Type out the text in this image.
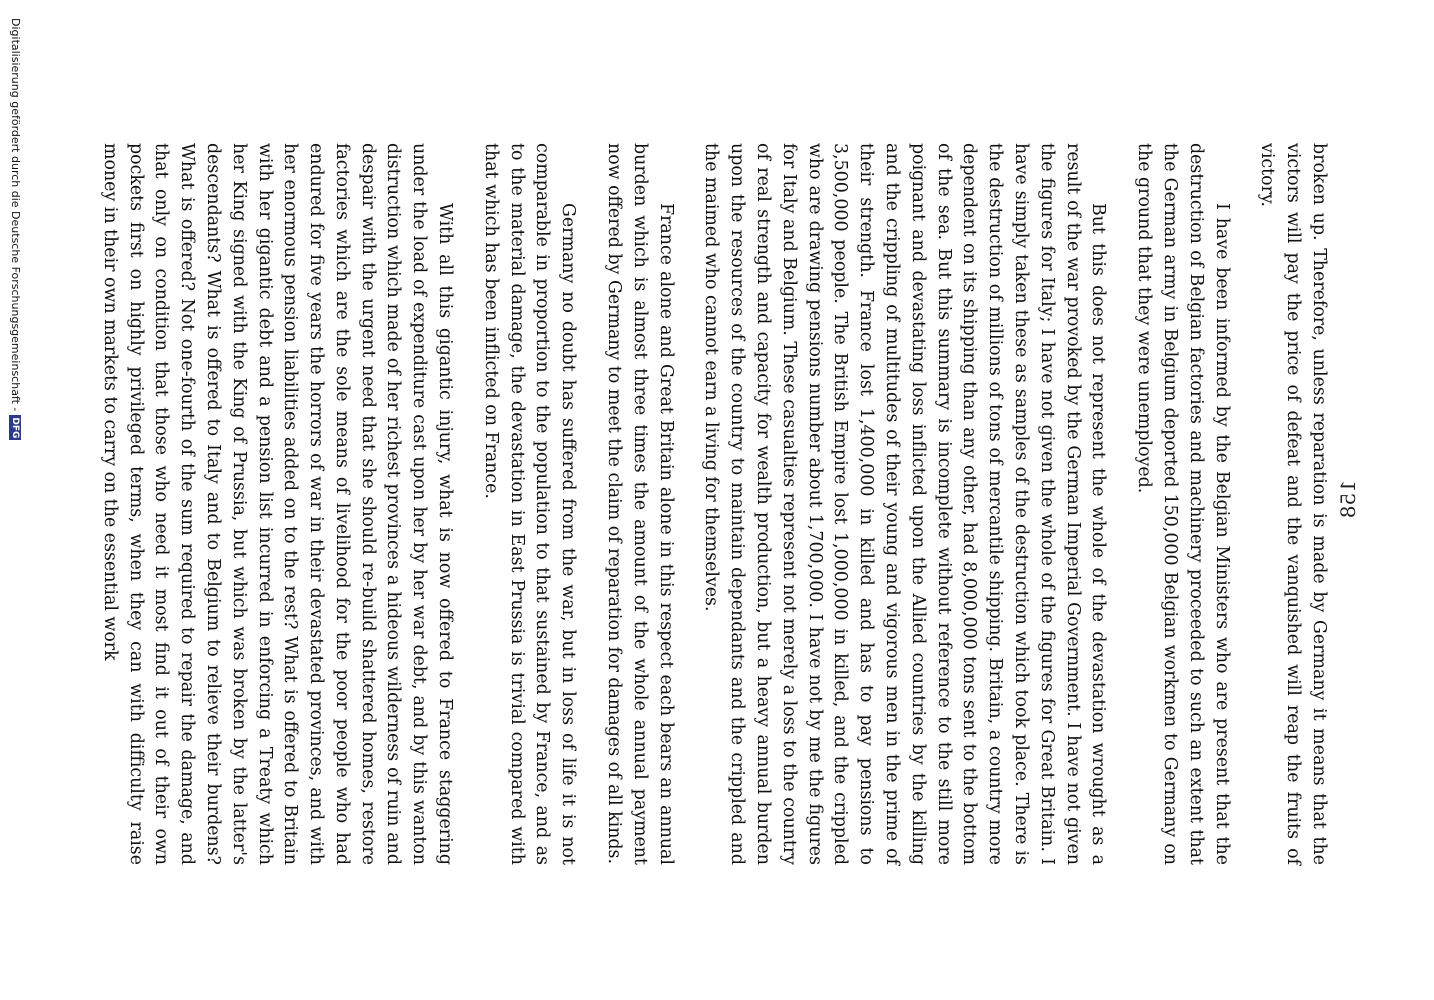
Digitalisierung gefördert durch die Deutsche Forschungsgemeinschaft -DFG
158

broken up. Therefore, unless reparation is made by Germany it means that the victors will pay the price of defeat and the vanquished will reap the fruits of victory.

I have been informed by the Belgian Ministers who are present that the destruction of Belgian factories and machinery proceeded to such an extent that the German army in Belgium deported 150,000 Belgian workmen to Germany on the ground that they were unemployed.

But this does not represent the whole of the devastation wrought as a result of the war provoked by the German Imperial Government. I have not given the figures for Italy; I have not given the whole of the figures for Great Britain. I have simply taken these as samples of the destruction which took place. There is the destruction of millions of tons of mercantile shipping. Britain, a country more dependent on its shipping than any other, had 8,000,000 tons sent to the bottom of the sea. But this summary is incomplete without reference to the still more poignant and devastating loss inflicted upon the Allied countries by the killing and the crippling of multitudes of their young and vigorous men in the prime of their strength. France lost 1,400,000 in killed and has to pay pensions to 3,500,000 people. The British Empire lost 1,000,000 in killed, and the crippled who are drawing pensions number about 1,700,000. I have not by me the figures for Italy and Belgium. These casualties represent not merely a loss to the country of real strength and capacity for wealth production, but a heavy annual burden upon the resources of the country to maintain dependants and the crippled and the maimed who cannot earn a living for themselves.

France alone and Great Britain alone in this respect each bears an annual burden which is almost three times the amount of the whole annual payment now offered by Germany to meet the claim of reparation for damages of all kinds.

Germany no doubt has suffered from the war, but in loss of life it is not comparable in proportion to the population to that sustained by France, and as to the material damage, the devastation in East Prussia is trivial compared with that which has been inflicted on France.

With all this gigantic injury, what is now offered to France staggering under the load of expenditure cast upon her by her war debt, and by this wanton distruction which made of her richest provinces a hideous wilderness of ruin and despair with the urgent need that she should re-build shattered homes, restore factories which are the sole means of livelihood for the poor people who had endured for five years the horrors of war in their devastated provinces, and with her enormous pension liabilities added on to the rest? What is offered to Britain with her gigantic debt and a pension list incurred in enforcing a Treaty which her King signed with the King of Prussia, but which was broken by the latter's descendants? What is offered to Italy and to Belgium to relieve their burdens? What is offered? Not one-fourth of the sum required to repair the damage, and that only on condition that those who need it most find it out of their own pockets first on highly privileged terms, when they can with difficulty raise money in their own markets to carry on the essential work
